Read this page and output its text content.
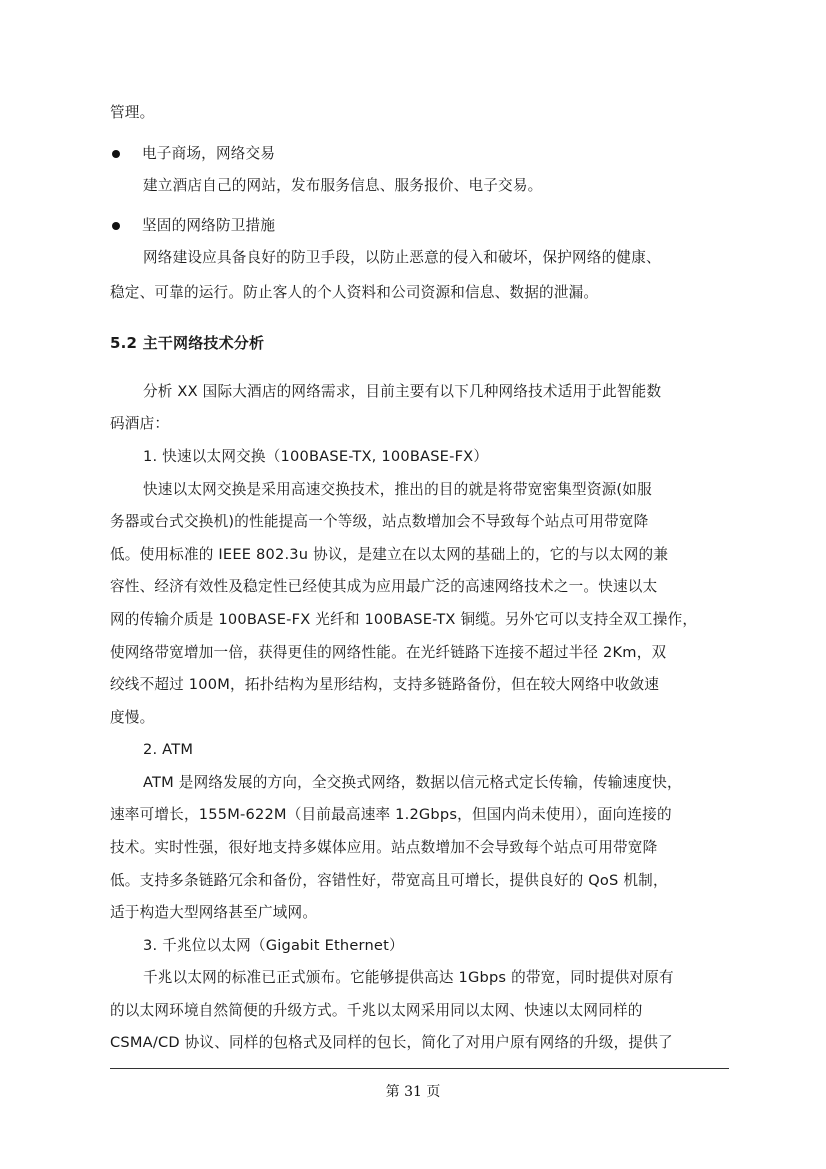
管理。
电子商场，网络交易
建立酒店自己的网站，发布服务信息、服务报价、电子交易。
坚固的网络防卫措施
网络建设应具备良好的防卫手段，以防止恶意的侵入和破坏，保护网络的健康、
稳定、可靠的运行。防止客人的个人资料和公司资源和信息、数据的泄漏。
5.2 主干网络技术分析
分析 XX 国际大酒店的网络需求，目前主要有以下几种网络技术适用于此智能数
码酒店：
1. 快速以太网交换（100BASE-TX, 100BASE-FX）
快速以太网交换是采用高速交换技术，推出的目的就是将带宽密集型资源(如服
务器或台式交换机)的性能提高一个等级，站点数增加会不导致每个站点可用带宽降
低。使用标准的 IEEE 802.3u 协议，是建立在以太网的基础上的，它的与以太网的兼
容性、经济有效性及稳定性已经使其成为应用最广泛的高速网络技术之一。快速以太
网的传输介质是 100BASE-FX 光纤和 100BASE-TX 铜缆。另外它可以支持全双工操作，
使网络带宽增加一倍，获得更佳的网络性能。在光纤链路下连接不超过半径 2Km，双
绞线不超过 100M，拓扑结构为星形结构，支持多链路备份，但在较大网络中收敛速
度慢。
2. ATM
ATM 是网络发展的方向，全交换式网络，数据以信元格式定长传输，传输速度快，
速率可增长，155M-622M（目前最高速率 1.2Gbps，但国内尚未使用），面向连接的
技术。实时性强，很好地支持多媒体应用。站点数增加不会导致每个站点可用带宽降
低。支持多条链路冗余和备份，容错性好，带宽高且可增长，提供良好的 QoS 机制，
适于构造大型网络甚至广域网。
3. 千兆位以太网（Gigabit Ethernet）
千兆以太网的标准已正式颁布。它能够提供高达 1Gbps 的带宽，同时提供对原有
的以太网环境自然简便的升级方式。千兆以太网采用同以太网、快速以太网同样的
CSMA/CD 协议、同样的包格式及同样的包长，简化了对用户原有网络的升级，提供了
第 31 页
